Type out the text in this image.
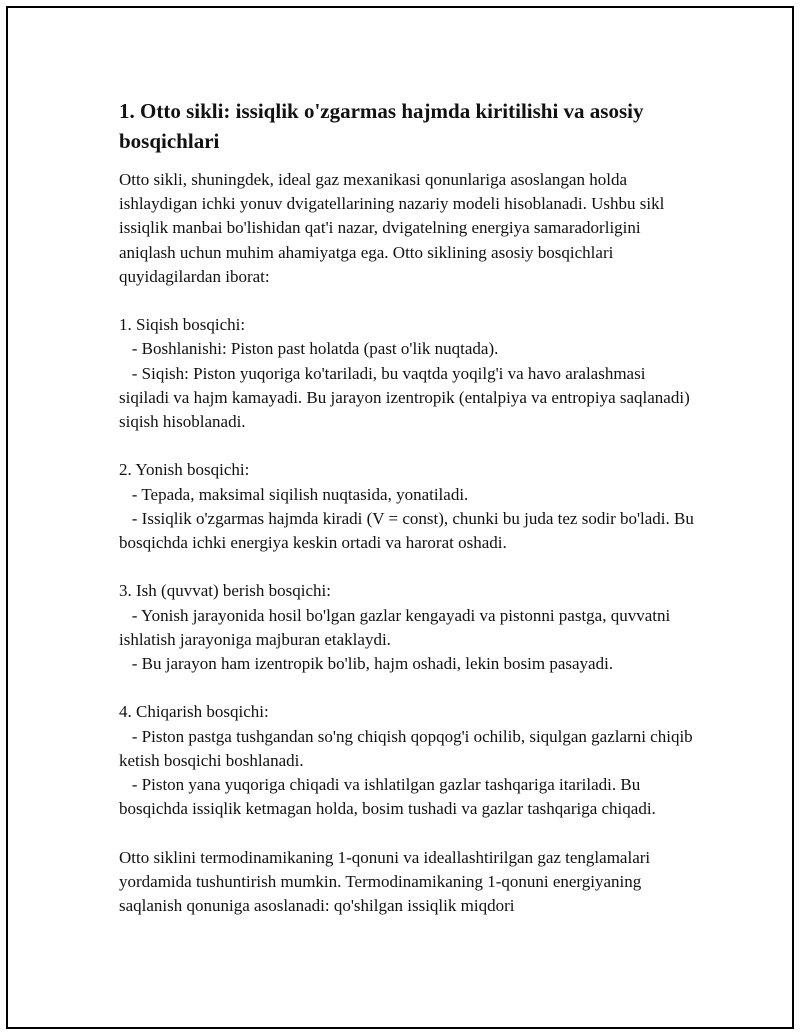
1. Otto sikli: issiqlik o'zgarmas hajmda kiritilishi va asosiy bosqichlari

Otto sikli, shuningdek, ideal gaz mexanikasi qonunlariga asoslangan holda ishlaydigan ichki yonuv dvigatellarining nazariy modeli hisoblanadi. Ushbu sikl issiqlik manbai bo'lishidan qat'i nazar, dvigatelning energiya samaradorligini aniqlash uchun muhim ahamiyatga ega. Otto siklining asosiy bosqichlari quyidagilardan iborat:

1. Siqish bosqichi:
- Boshlanishi: Piston past holatda (past o'lik nuqtada).
- Siqish: Piston yuqoriga ko'tariladi, bu vaqtda yoqilg'i va havo aralashmasi siqiladi va hajm kamayadi. Bu jarayon izentropik (entalpiya va entropiya saqlanadi) siqish hisoblanadi.
2. Yonish bosqichi:
- Tepada, maksimal siqilish nuqtasida, yonatiladi.
- Issiqlik o'zgarmas hajmda kiradi (V = const), chunki bu juda tez sodir bo'ladi. Bu bosqichda ichki energiya keskin ortadi va harorat oshadi.
3. Ish (quvvat) berish bosqichi:
- Yonish jarayonida hosil bo'lgan gazlar kengayadi va pistonni pastga, quvvatni ishlatish jarayoniga majburan etaklaydi.
- Bu jarayon ham izentropik bo'lib, hajm oshadi, lekin bosim pasayadi.
4. Chiqarish bosqichi:
- Piston pastga tushgandan so'ng chiqish qopqog'i ochilib, siqulgan gazlarni chiqib ketish bosqichi boshlanadi.
- Piston yana yuqoriga chiqadi va ishlatilgan gazlar tashqariga itariladi. Bu bosqichda issiqlik ketmagan holda, bosim tushadi va gazlar tashqariga chiqadi.

Otto siklini termodinamikaning 1-qonuni va ideallashtirilgan gaz tenglamalari yordamida tushuntirish mumkin. Termodinamikaning 1-qonuni energiyaning saqlanish qonuniga asoslanadi: qo'shilgan issiqlik miqdori
